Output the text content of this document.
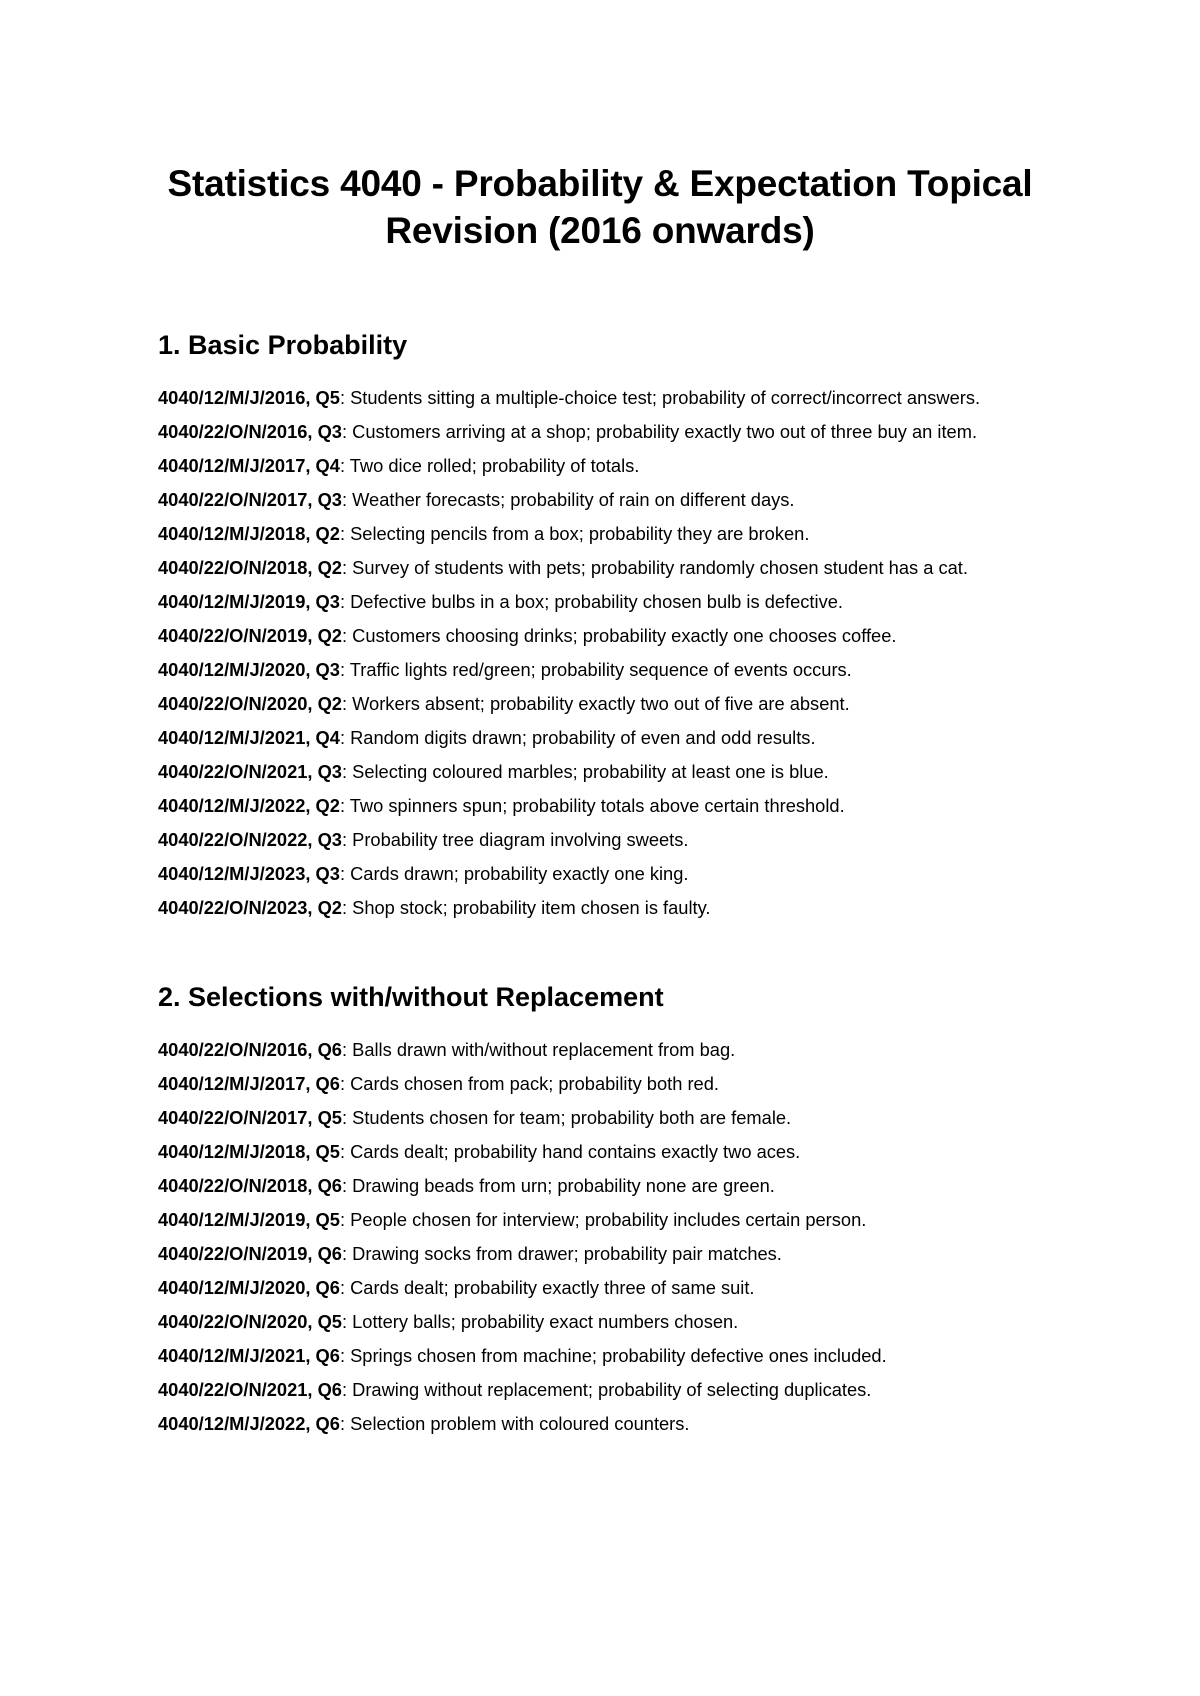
Statistics 4040 - Probability & Expectation Topical Revision (2016 onwards)
1. Basic Probability
4040/12/M/J/2016, Q5: Students sitting a multiple-choice test; probability of correct/incorrect answers.
4040/22/O/N/2016, Q3: Customers arriving at a shop; probability exactly two out of three buy an item.
4040/12/M/J/2017, Q4: Two dice rolled; probability of totals.
4040/22/O/N/2017, Q3: Weather forecasts; probability of rain on different days.
4040/12/M/J/2018, Q2: Selecting pencils from a box; probability they are broken.
4040/22/O/N/2018, Q2: Survey of students with pets; probability randomly chosen student has a cat.
4040/12/M/J/2019, Q3: Defective bulbs in a box; probability chosen bulb is defective.
4040/22/O/N/2019, Q2: Customers choosing drinks; probability exactly one chooses coffee.
4040/12/M/J/2020, Q3: Traffic lights red/green; probability sequence of events occurs.
4040/22/O/N/2020, Q2: Workers absent; probability exactly two out of five are absent.
4040/12/M/J/2021, Q4: Random digits drawn; probability of even and odd results.
4040/22/O/N/2021, Q3: Selecting coloured marbles; probability at least one is blue.
4040/12/M/J/2022, Q2: Two spinners spun; probability totals above certain threshold.
4040/22/O/N/2022, Q3: Probability tree diagram involving sweets.
4040/12/M/J/2023, Q3: Cards drawn; probability exactly one king.
4040/22/O/N/2023, Q2: Shop stock; probability item chosen is faulty.
2. Selections with/without Replacement
4040/22/O/N/2016, Q6: Balls drawn with/without replacement from bag.
4040/12/M/J/2017, Q6: Cards chosen from pack; probability both red.
4040/22/O/N/2017, Q5: Students chosen for team; probability both are female.
4040/12/M/J/2018, Q5: Cards dealt; probability hand contains exactly two aces.
4040/22/O/N/2018, Q6: Drawing beads from urn; probability none are green.
4040/12/M/J/2019, Q5: People chosen for interview; probability includes certain person.
4040/22/O/N/2019, Q6: Drawing socks from drawer; probability pair matches.
4040/12/M/J/2020, Q6: Cards dealt; probability exactly three of same suit.
4040/22/O/N/2020, Q5: Lottery balls; probability exact numbers chosen.
4040/12/M/J/2021, Q6: Springs chosen from machine; probability defective ones included.
4040/22/O/N/2021, Q6: Drawing without replacement; probability of selecting duplicates.
4040/12/M/J/2022, Q6: Selection problem with coloured counters.
